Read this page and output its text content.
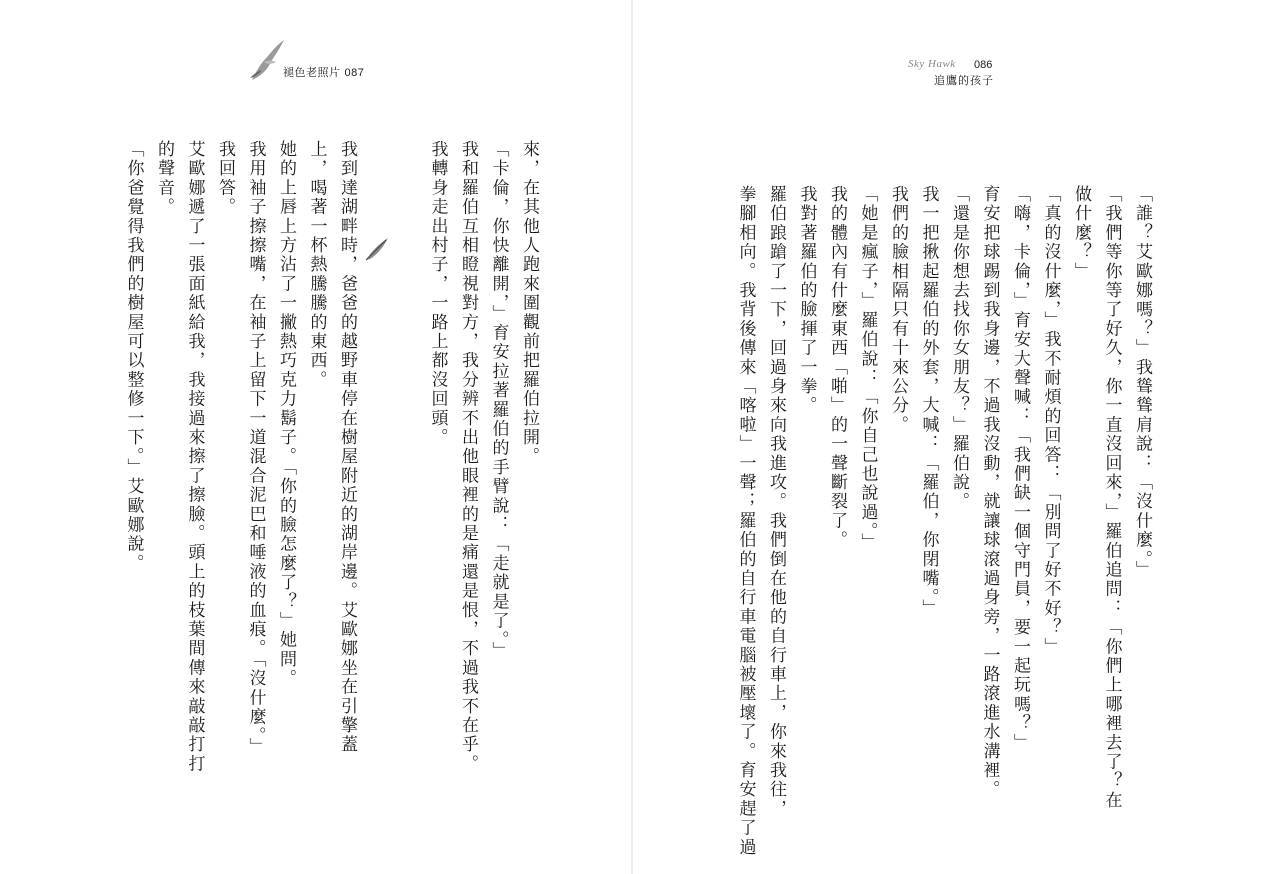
褪色老照片 087
Sky Hawk 086
追鷹的孩子

「誰？艾歐娜嗎？」我聳聳肩說：「沒什麼。」

「我們等你等了好久，你一直沒回來，」羅伯追問：「你們上哪裡去了？在

做什麼？」

「真的沒什麼，」我不耐煩的回答：「別問了好不好？」

「嗨，卡倫，」育安大聲喊：「我們缺一個守門員，要一起玩嗎？」

育安把球踢到我身邊，不過我沒動，就讓球滾過身旁，一路滾進水溝裡。

「還是你想去找你女朋友？」羅伯說。

我一把揪起羅伯的外套，大喊：「羅伯，你閉嘴。」

我們的臉相隔只有十來公分。

「她是瘋子，」羅伯說：「你自己也說過。」

我的體內有什麼東西「啪」的一聲斷裂了。

我對著羅伯的臉揮了一拳。

羅伯踉蹌了一下，回過身來向我進攻。我們倒在他的自行車上，你來我往，

拳腳相向。我背後傳來「喀啦」一聲；羅伯的自行車電腦被壓壞了。育安趕了過

來，在其他人跑來圍觀前把羅伯拉開。

「卡倫，你快離開，」育安拉著羅伯的手臂說：「走就是了。」

我和羅伯互相瞪視對方，我分辨不出他眼裡的是痛還是恨，不過我不在乎。

我轉身走出村子，一路上都沒回頭。

我到達湖畔時，爸爸的越野車停在樹屋附近的湖岸邊。艾歐娜坐在引擎蓋

上，喝著一杯熱騰騰的東西。

她的上唇上方沾了一撇熱巧克力鬍子。「你的臉怎麼了？」她問。

我用袖子擦擦嘴，在袖子上留下一道混合泥巴和唾液的血痕。「沒什麼。」

我回答。

艾歐娜遞了一張面紙給我，我接過來擦了擦臉。頭上的枝葉間傳來敲敲打打

的聲音。

「你爸覺得我們的樹屋可以整修一下。」艾歐娜說。
